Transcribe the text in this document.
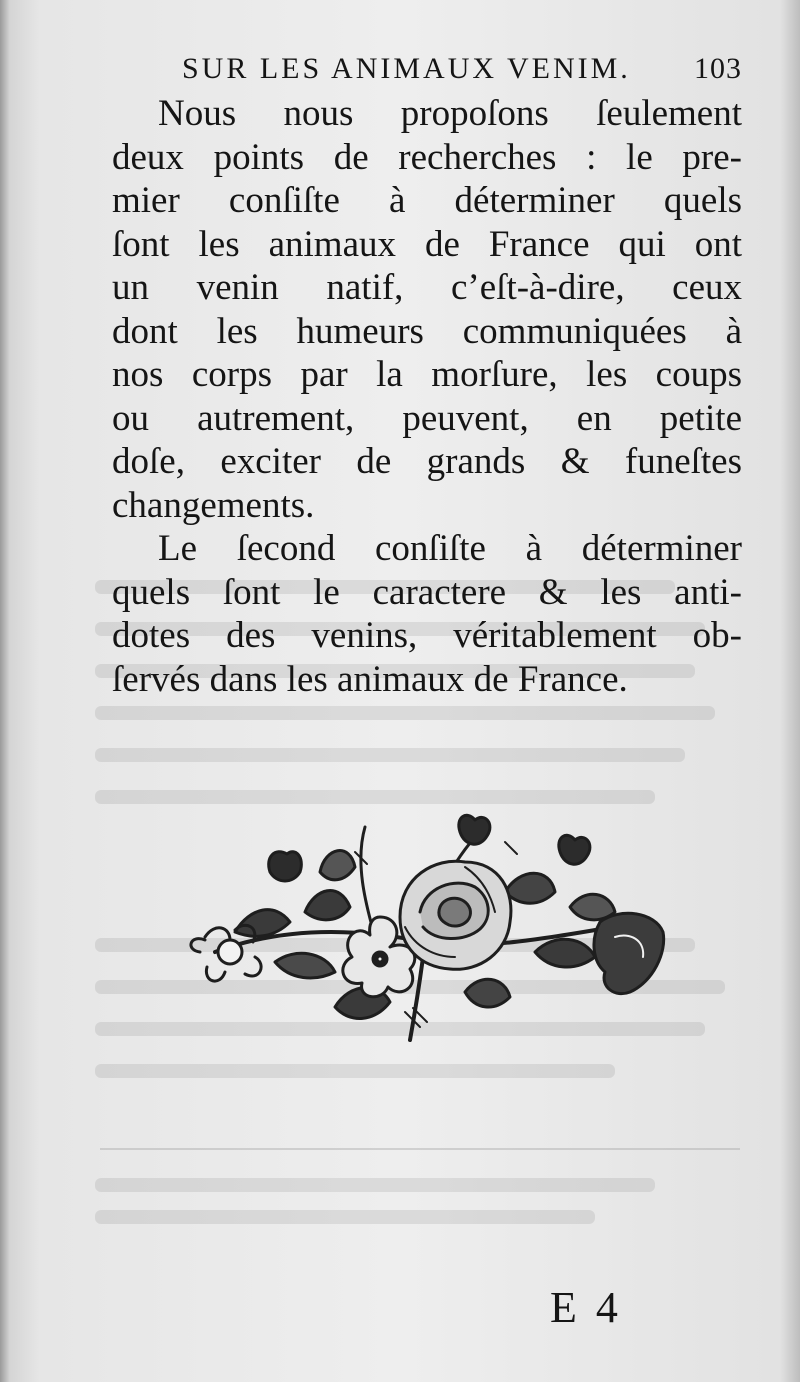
SUR LES ANIMAUX VENIM. 103
Nous nous propoſons ſeulement
deux points de recherches : le pre-
mier conſiſte à déterminer quels
ſont les animaux de France qui ont
un venin natif, c’eſt-à-dire, ceux
dont les humeurs communiquées à
nos corps par la morſure, les coups
ou autrement, peuvent, en petite
doſe, exciter de grands & funeſtes
changements.
Le ſecond conſiſte à déterminer
quels ſont le caractere & les anti-
dotes des venins, véritablement ob-
ſervés dans les animaux de France.
E 4
